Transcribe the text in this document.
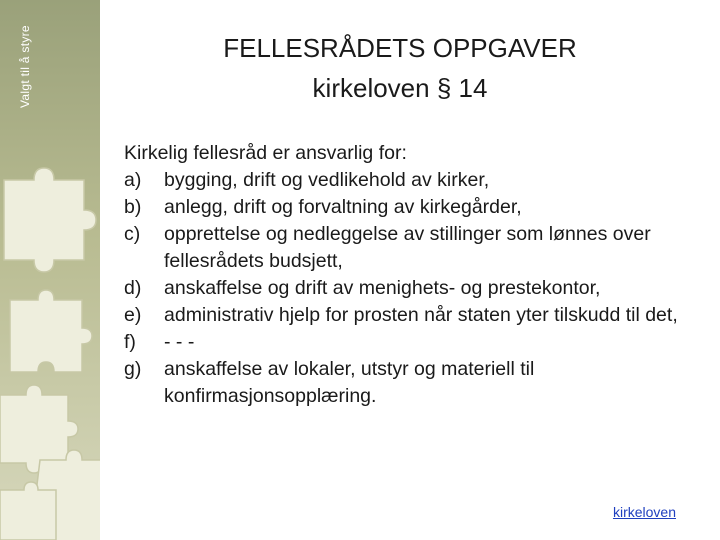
Valgt til å styre	FELLESRÅDETS OPPGAVER
kirkeloven § 14

Kirkelig fellesråd er ansvarlig for:

a)	bygging, drift og vedlikehold av kirker,
b)	anlegg, drift og forvaltning av kirkegårder,
c)	opprettelse og nedleggelse av stillinger som lønnes over fellesrådets budsjett,
d)	anskaffelse og drift av menighets- og prestekontor,
e)	administrativ hjelp for prosten når staten yter tilskudd til det,
f)	- - -
g)	anskaffelse av lokaler, utstyr og materiell til konfirmasjonsopplæring.
kirkeloven
